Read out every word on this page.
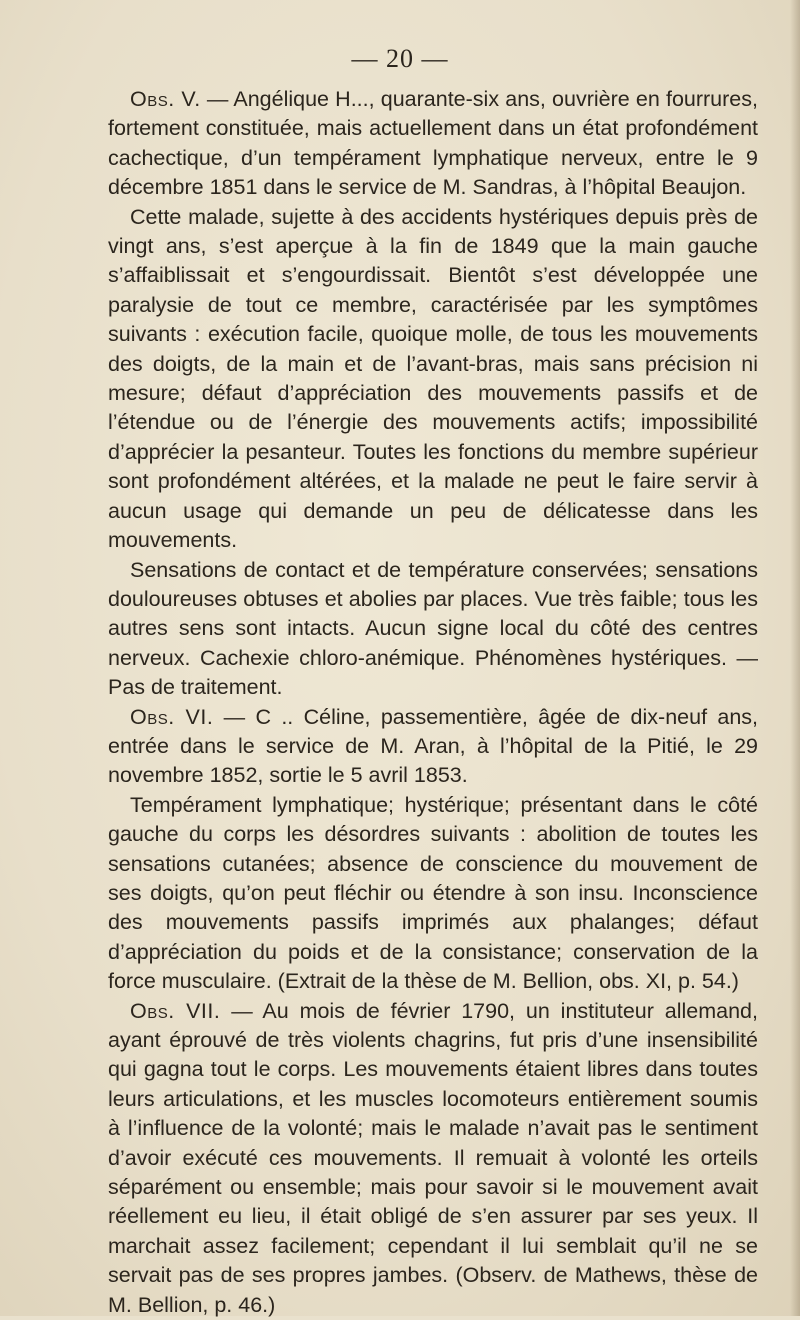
— 20 —

Obs. V. — Angélique H..., quarante-six ans, ouvrière en fourrures, fortement constituée, mais actuellement dans un état profondément cachectique, d’un tempérament lymphatique nerveux, entre le 9 décembre 1851 dans le service de M. Sandras, à l’hôpital Beaujon.

Cette malade, sujette à des accidents hystériques depuis près de vingt ans, s’est aperçue à la fin de 1849 que la main gauche s’affaiblissait et s’engourdissait. Bientôt s’est développée une paralysie de tout ce membre, caractérisée par les symptômes suivants : exécution facile, quoique molle, de tous les mouvements des doigts, de la main et de l’avant-bras, mais sans précision ni mesure; défaut d’appréciation des mouvements passifs et de l’étendue ou de l’énergie des mouvements actifs; impossibilité d’apprécier la pesanteur. Toutes les fonctions du membre supérieur sont profondément altérées, et la malade ne peut le faire servir à aucun usage qui demande un peu de délicatesse dans les mouvements.

Sensations de contact et de température conservées; sensations douloureuses obtuses et abolies par places. Vue très faible; tous les autres sens sont intacts. Aucun signe local du côté des centres nerveux. Cachexie chloro-anémique. Phénomènes hystériques. — Pas de traitement.

Obs. VI. — C .. Céline, passementière, âgée de dix-neuf ans, entrée dans le service de M. Aran, à l’hôpital de la Pitié, le 29 novembre 1852, sortie le 5 avril 1853.

Tempérament lymphatique; hystérique; présentant dans le côté gauche du corps les désordres suivants : abolition de toutes les sensations cutanées; absence de conscience du mouvement de ses doigts, qu’on peut fléchir ou étendre à son insu. Inconscience des mouvements passifs imprimés aux phalanges; défaut d’appréciation du poids et de la consistance; conservation de la force musculaire. (Extrait de la thèse de M. Bellion, obs. XI, p. 54.)

Obs. VII. — Au mois de février 1790, un instituteur allemand, ayant éprouvé de très violents chagrins, fut pris d’une insensibilité qui gagna tout le corps. Les mouvements étaient libres dans toutes leurs articulations, et les muscles locomoteurs entièrement soumis à l’influence de la volonté; mais le malade n’avait pas le sentiment d’avoir exécuté ces mouvements. Il remuait à volonté les orteils séparément ou ensemble; mais pour savoir si le mouvement avait réellement eu lieu, il était obligé de s’en assurer par ses yeux. Il marchait assez facilement; cependant il lui semblait qu’il ne se servait pas de ses propres jambes. (Observ. de Mathews, thèse de M. Bellion, p. 46.)
